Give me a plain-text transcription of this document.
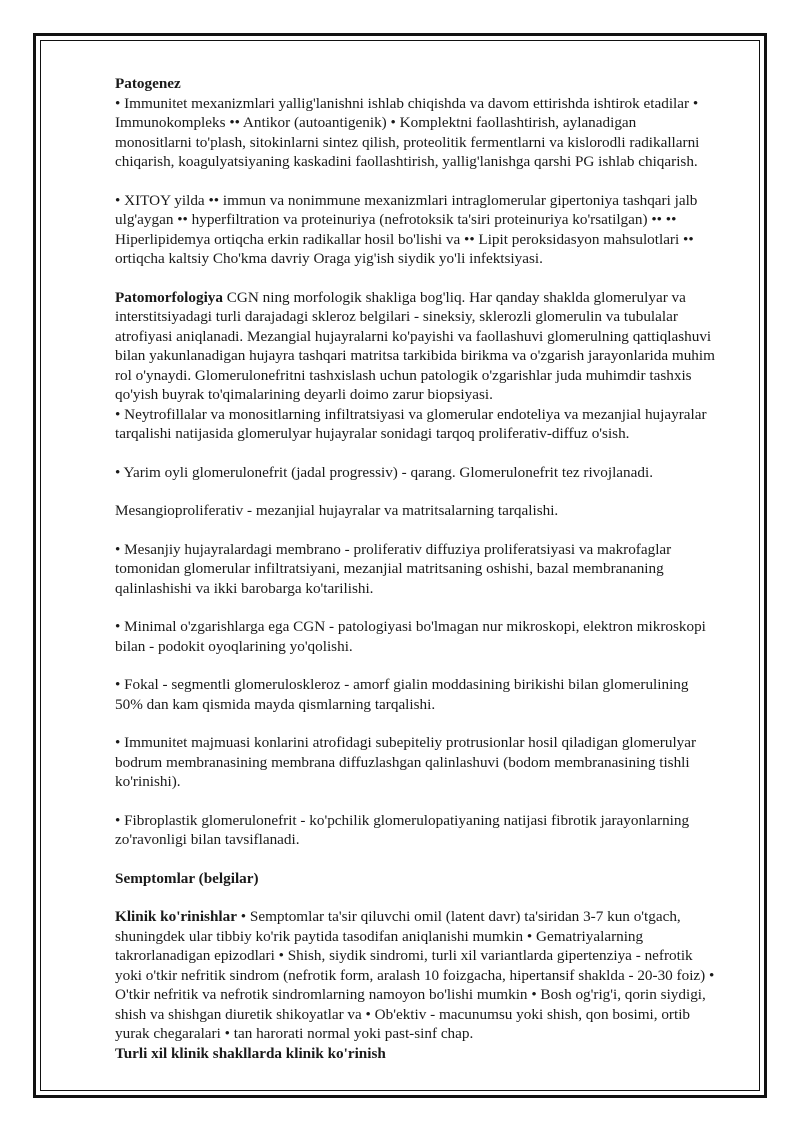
Patogenez

• Immunitet mexanizmlari yallig'lanishni ishlab chiqishda va davom ettirishda ishtirok etadilar • Immunokompleks •• Antikor (autoantigenik) • Komplektni faollashtirish, aylanadigan monositlarni to'plash, sitokinlarni sintez qilish, proteolitik fermentlarni va kislorodli radikallarni chiqarish, koagulyatsiyaning kaskadini faollashtirish, yallig'lanishga qarshi PG ishlab chiqarish.

• XITOY yilda •• immun va nonimmune mexanizmlari intraglomerular gipertoniya tashqari jalb ulg'aygan •• hyperfiltration va proteinuriya (nefrotoksik ta'siri proteinuriya ko'rsatilgan) •• •• Hiperlipidemya ortiqcha erkin radikallar hosil bo'lishi va •• Lipit peroksidasyon mahsulotlari •• ortiqcha kaltsiy Cho'kma davriy Oraga yig'ish siydik yo'li infektsiyasi.

Patomorfologiya CGN ning morfologik shakliga bog'liq. Har qanday shaklda glomerulyar va interstitsiyadagi turli darajadagi skleroz belgilari - sineksiy, sklerozli glomerulin va tubulalar atrofiyasi aniqlanadi. Mezangial hujayralarni ko'payishi va faollashuvi glomerulning qattiqlashuvi bilan yakunlanadigan hujayra tashqari matritsa tarkibida birikma va o'zgarish jarayonlarida muhim rol o'ynaydi. Glomerulonefritni tashxislash uchun patologik o'zgarishlar juda muhimdir tashxis qo'yish buyrak to'qimalarining deyarli doimo zarur biopsiyasi.

• Neytrofillalar va monositlarning infiltratsiyasi va glomerular endoteliya va mezanjial hujayralar tarqalishi natijasida glomerulyar hujayralar sonidagi tarqoq proliferativ-diffuz o'sish.

• Yarim oyli glomerulonefrit (jadal progressiv) - qarang. Glomerulonefrit tez rivojlanadi.

Mesangioproliferativ - mezanjial hujayralar va matritsalarning tarqalishi.

• Mesanjiy hujayralardagi membrano - proliferativ diffuziya proliferatsiyasi va makrofaglar tomonidan glomerular infiltratsiyani, mezanjial matritsaning oshishi, bazal membrananing qalinlashishi va ikki barobarga ko'tarilishi.

• Minimal o'zgarishlarga ega CGN - patologiyasi bo'lmagan nur mikroskopi, elektron mikroskopi bilan - podokit oyoqlarining yo'qolishi.

• Fokal - segmentli glomeruloskleroz - amorf gialin moddasining birikishi bilan glomerulining 50% dan kam qismida mayda qismlarning tarqalishi.

• Immunitet majmuasi konlarini atrofidagi subepiteliy protrusionlar hosil qiladigan glomerulyar bodrum membranasining membrana diffuzlashgan qalinlashuvi (bodom membranasining tishli ko'rinishi).

• Fibroplastik glomerulonefrit - ko'pchilik glomerulopatiyaning natijasi fibrotik jarayonlarning zo'ravonligi bilan tavsiflanadi.

Semptomlar (belgilar)

Klinik ko'rinishlar • Semptomlar ta'sir qiluvchi omil (latent davr) ta'siridan 3-7 kun o'tgach, shuningdek ular tibbiy ko'rik paytida tasodifan aniqlanishi mumkin • Gematriyalarning takrorlanadigan epizodlari • Shish, siydik sindromi, turli xil variantlarda gipertenziya - nefrotik yoki o'tkir nefritik sindrom (nefrotik form, aralash 10 foizgacha, hipertansif shaklda - 20-30 foiz) • O'tkir nefritik va nefrotik sindromlarning namoyon bo'lishi mumkin • Bosh og'rig'i, qorin siydigi, shish va shishgan diuretik shikoyatlar va • Ob'ektiv - macunumsu yoki shish, qon bosimi, ortib yurak chegaralari • tan harorati normal yoki past-sinf chap.

Turli xil klinik shakllarda klinik ko'rinish
